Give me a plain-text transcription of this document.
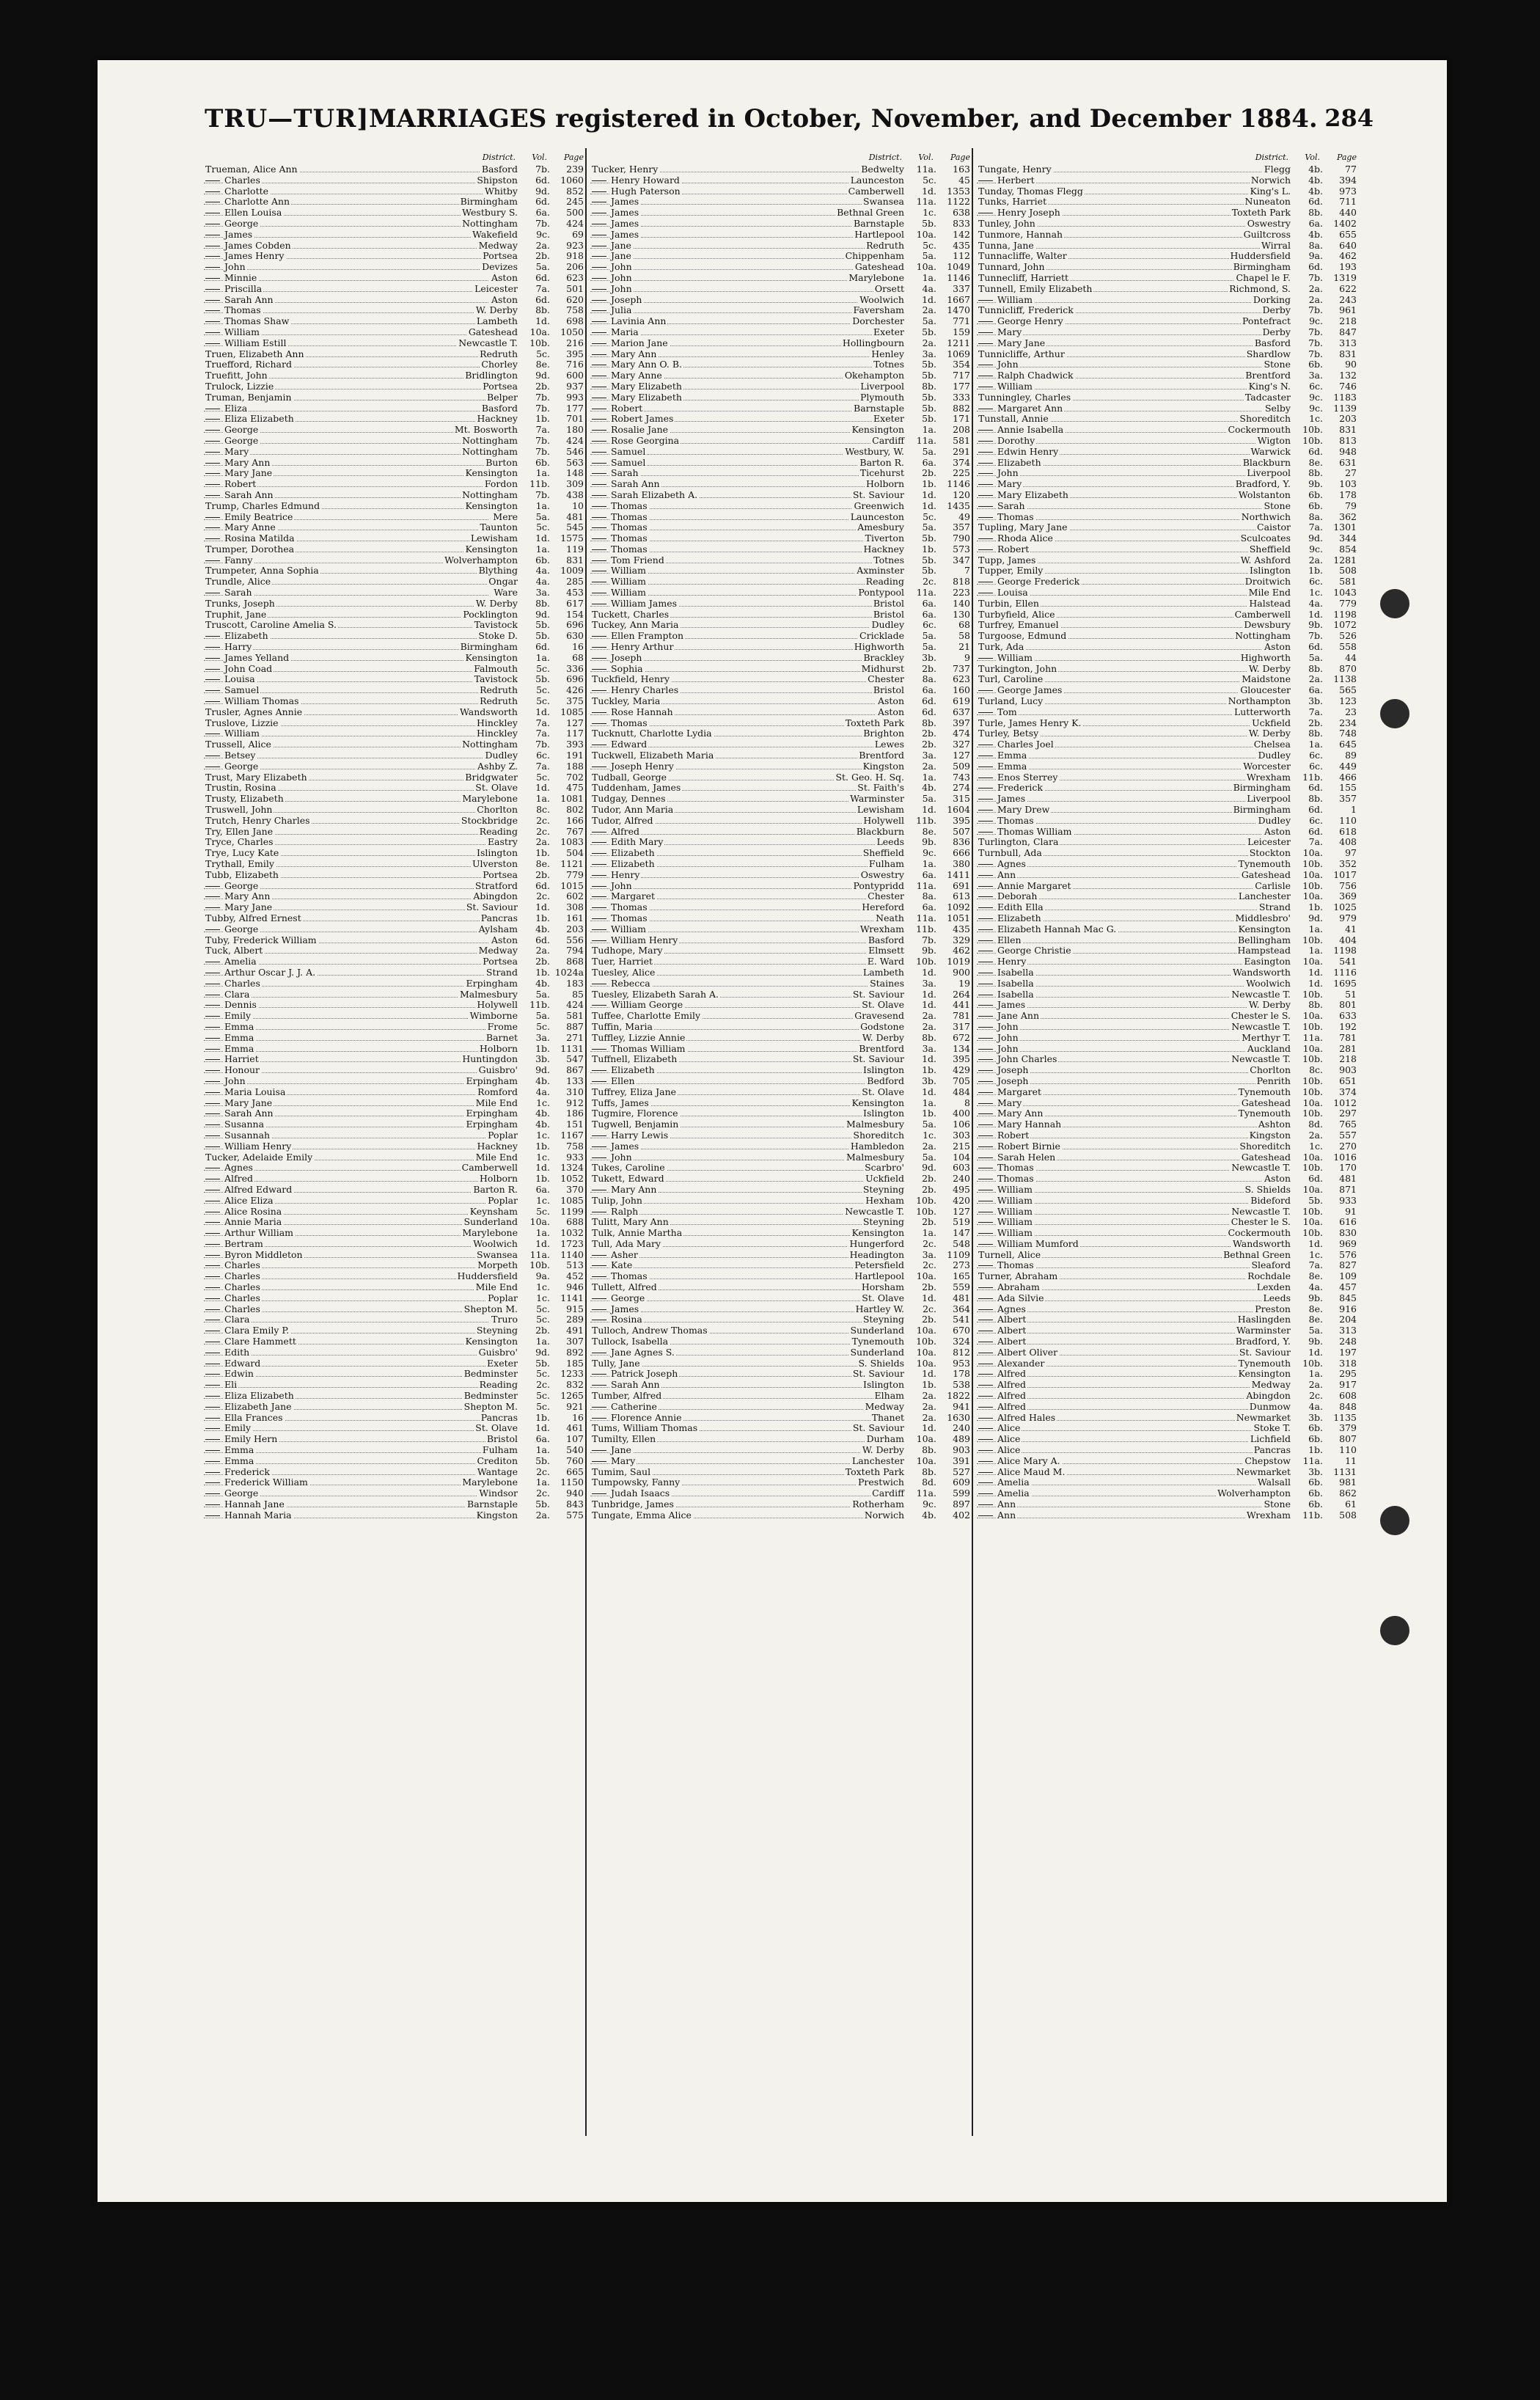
TRU—TUR] MARRIAGES registered in October, November, and December 1884. 284
District. Vol. Page
Trueman, Alice Ann	Basford 7b. 239
Charles	Shipston 6d. 1060
Charlotte	Whitby 9d. 852
Charlotte Ann	Birmingham 6d. 245
Ellen Louisa	Westbury S. 6a. 500
George	Nottingham 7b. 424
James	Wakefield 9c. 69
James Cobden	Medway 2a. 923
James Henry	Portsea 2b. 918
John	Devizes 5a. 206
Minnie	Aston 6d. 623
Priscilla	Leicester 7a. 501
Sarah Ann	Aston 6d. 620
Thomas	W. Derby 8b. 758
Thomas Shaw	Lambeth 1d. 698
William	Gateshead 10a. 1050
William Estill	Newcastle T. 10b. 216
Truen, Elizabeth Ann	Redruth 5c. 395
Truefford, Richard	Chorley 8e. 716
Truefitt, John	Bridlington 9d. 600
Trulock, Lizzie	Portsea 2b. 937
Truman, Benjamin	Belper 7b. 993
Eliza	Basford 7b. 177
Eliza Elizabeth	Hackney 1b. 701
George	Mt. Bosworth 7a. 180
George	Nottingham 7b. 424
Mary	Nottingham 7b. 546
Mary Ann	Burton 6b. 563
Mary Jane	Kensington 1a. 148
Robert	Fordon 11b. 309
Sarah Ann	Nottingham 7b. 438
Trump, Charles Edmund	Kensington 1a. 10
Emily Beatrice	Mere 5a. 481
Mary Anne	Taunton 5c. 545
Rosina Matilda	Lewisham 1d. 1575
Trumper, Dorothea	Kensington 1a. 119
Fanny	Wolverhampton 6b. 831
Trumpeter, Anna Sophia	Blything 4a. 1009
Trundle, Alice	Ongar 4a. 285
Sarah	Ware 3a. 453
Trunks, Joseph	W. Derby 8b. 617
Truphit, Jane	Pocklington 9d. 154
Truscott, Caroline Amelia S.	Tavistock 5b. 696
Elizabeth	Stoke D. 5b. 630
Harry	Birmingham 6d. 16
James Yelland	Kensington 1a. 68
John Coad	Falmouth 5c. 336
Louisa	Tavistock 5b. 696
Samuel	Redruth 5c. 426
William Thomas	Redruth 5c. 375
Trusler, Agnes Annie	Wandsworth 1d. 1085
Truslove, Lizzie	Hinckley 7a. 127
William	Hinckley 7a. 117
Trussell, Alice	Nottingham 7b. 393
Betsey	Dudley 6c. 191
George	Ashby Z. 7a. 188
Trust, Mary Elizabeth	Bridgwater 5c. 702
Trustin, Rosina	St. Olave 1d. 475
Trusty, Elizabeth	Marylebone 1a. 1081
Truswell, John	Chorlton 8c. 802
Trutch, Henry Charles	Stockbridge 2c. 166
Try, Ellen Jane	Reading 2c. 767
Tryce, Charles	Eastry 2a. 1083
Trye, Lucy Kate	Islington 1b. 504
Trythall, Emily	Ulverston 8e. 1121
Tubb, Elizabeth	Portsea 2b. 779
George	Stratford 6d. 1015
Mary Ann	Abingdon 2c. 602
Mary Jane	St. Saviour 1d. 308
Tubby, Alfred Ernest	Pancras 1b. 161
George	Aylsham 4b. 203
Tuby, Frederick William	Aston 6d. 556
Tuck, Albert	Medway 2a. 794
Amelia	Portsea 2b. 868
Arthur Oscar J. J. A.	Strand 1b. 1024a
Charles	Erpingham 4b. 183
Clara	Malmesbury 5a. 85
Dennis	Holywell 11b. 424
Emily	Wimborne 5a. 581
Emma	Frome 5c. 887
Emma	Barnet 3a. 271
Emma	Holborn 1b. 1131
Harriet	Huntingdon 3b. 547
Honour	Guisbro' 9d. 867
John	Erpingham 4b. 133
Maria Louisa	Romford 4a. 310
Mary Jane	Mile End 1c. 912
Sarah Ann	Erpingham 4b. 186
Susanna	Erpingham 4b. 151
Susannah	Poplar 1c. 1167
William Henry	Hackney 1b. 758
Tucker, Adelaide Emily	Mile End 1c. 933
Agnes	Camberwell 1d. 1324
Alfred	Holborn 1b. 1052
Alfred Edward	Barton R. 6a. 370
Alice Eliza	Poplar 1c. 1085
Alice Rosina	Keynsham 5c. 1199
Annie Maria	Sunderland 10a. 688
Arthur William	Marylebone 1a. 1032
Bertram	Woolwich 1d. 1723
Byron Middleton	Swansea 11a. 1140
Charles	Morpeth 10b. 513
Charles	Huddersfield 9a. 452
Charles	Mile End 1c. 946
Charles	Poplar 1c. 1141
Charles	Shepton M. 5c. 915
Clara	Truro 5c. 289
Clara Emily P.	Steyning 2b. 491
Clare Hammett	Kensington 1a. 307
Edith	Guisbro' 9d. 892
Edward	Exeter 5b. 185
Edwin	Bedminster 5c. 1233
Eli	Reading 2c. 832
Eliza Elizabeth	Bedminster 5c. 1265
Elizabeth Jane	Shepton M. 5c. 921
Ella Frances	Pancras 1b. 16
Emily	St. Olave 1d. 461
Emily Hern	Bristol 6a. 107
Emma	Fulham 1a. 540
Emma	Crediton 5b. 760
Frederick	Wantage 2c. 665
Frederick William	Marylebone 1a. 1150
George	Windsor 2c. 940
Hannah Jane	Barnstaple 5b. 843
Hannah Maria	Kingston 2a. 575
District. Vol. Page
Tucker, Henry	Bedwelty 11a. 163
Henry Howard	Launceston 5c. 45
Hugh Paterson	Camberwell 1d. 1353
James	Swansea 11a. 1122
James	Bethnal Green 1c. 638
James	Barnstaple 5b. 833
James	Hartlepool 10a. 142
Jane	Redruth 5c. 435
Jane	Chippenham 5a. 112
John	Gateshead 10a. 1049
John	Marylebone 1a. 1146
John	Orsett 4a. 337
Joseph	Woolwich 1d. 1667
Julia	Faversham 2a. 1470
Lavinia Ann	Dorchester 5a. 771
Maria	Exeter 5b. 159
Marion Jane	Hollingbourn 2a. 1211
Mary Ann	Henley 3a. 1069
Mary Ann O. B.	Totnes 5b. 354
Mary Anne	Okehampton 5b. 717
Mary Elizabeth	Liverpool 8b. 177
Mary Elizabeth	Plymouth 5b. 333
Robert	Barnstaple 5b. 882
Robert James	Exeter 5b. 171
Rosalie Jane	Kensington 1a. 208
Rose Georgina	Cardiff 11a. 581
Samuel	Westbury, W. 5a. 291
Samuel	Barton R. 6a. 374
Sarah	Ticehurst 2b. 225
Sarah Ann	Holborn 1b. 1146
Sarah Elizabeth A.	St. Saviour 1d. 120
Thomas	Greenwich 1d. 1435
Thomas	Launceston 5c. 49
Thomas	Amesbury 5a. 357
Thomas	Tiverton 5b. 790
Thomas	Hackney 1b. 573
Tom Friend	Totnes 5b. 347
William	Axminster 5b.	7
William	Reading 2c. 818
William	Pontypool 11a. 223
William James	Bristol 6a. 140
Tuckett, Charles	Bristol 6a. 130
Tuckey, Ann Maria	Dudley 6c. 68
Ellen Frampton	Cricklade 5a. 58
Henry Arthur	Highworth 5a. 21
Joseph	Brackley 3b.	9
Sophia	Midhurst 2b. 737
Tuckfield, Henry	Chester 8a. 623
Henry Charles	Bristol 6a. 160
Tuckley, Maria	Aston 6d. 619
Rose Hannah	Aston 6d. 637
Thomas	Toxteth Park 8b. 397
Tucknutt, Charlotte Lydia	Brighton 2b. 474
Edward	Lewes 2b. 327
Tuckwell, Elizabeth Maria	Brentford 3a. 127
Joseph Henry	Kingston 2a. 509
Tudball, George	St. Geo. H. Sq. 1a. 743
Tuddenham, James	St. Faith's 4b. 274
Tudgay, Dennes	Warminster 5a. 315
Tudor, Ann Maria	Lewisham 1d. 1604
Tudor, Alfred	Holywell 11b. 395
Alfred	Blackburn 8e. 507
Edith Mary	Leeds 9b. 836
Elizabeth	Sheffield 9c. 666
Elizabeth	Fulham 1a. 380
Henry	Oswestry 6a. 1411
John	Pontypridd 11a. 691
Margaret	Chester 8a. 613
Thomas	Hereford 6a. 1092
Thomas	Neath 11a. 1051
William	Wrexham 11b. 435
William Henry	Basford 7b. 329
Tudhope, Mary	Elmsett 9b. 462
Tuer, Harriet	E. Ward 10b. 1019
Tuesley, Alice	Lambeth 1d. 900
Rebecca	Staines 3a. 19
Tuesley, Elizabeth Sarah A.	St. Saviour 1d. 264
William George	St. Olave 1d. 441
Tuffee, Charlotte Emily	Gravesend 2a. 781
Tuffin, Maria	Godstone 2a. 317
Tuffley, Lizzie Annie	W. Derby 8b. 672
Thomas William	Brentford 3a. 134
Tuffnell, Elizabeth	St. Saviour 1d. 395
Elizabeth	Islington 1b. 429
Ellen	Bedford 3b. 705
Tuffrey, Eliza Jane	St. Olave 1d. 484
Tuffs, James	Kensington 1a.	8
Tugmire, Florence	Islington 1b. 400
Tugwell, Benjamin	Malmesbury 5a. 106
Harry Lewis	Shoreditch 1c. 303
James	Hambledon 2a. 215
John	Malmesbury 5a. 104
Tukes, Caroline	Scarbro' 9d. 603
Tukett, Edward	Uckfield 2b. 240
Mary Ann	Steyning 2b. 495
Tulip, John	Hexham 10b. 420
Ralph	Newcastle T. 10b. 127
Tulitt, Mary Ann	Steyning 2b. 519
Tulk, Annie Martha	Kensington 1a. 147
Tull, Ada Mary	Hungerford 2c. 548
Asher	Headington 3a. 1109
Kate	Petersfield 2c. 273
Thomas	Hartlepool 10a. 165
Tullett, Alfred	Horsham 2b. 559
George	St. Olave 1d. 481
James	Hartley W. 2c. 364
Rosina	Steyning 2b. 541
Tulloch, Andrew Thomas	Sunderland 10a. 670
Tullock, Isabella	Tynemouth 10b. 324
Jane Agnes S.	Sunderland 10a. 812
Tully, Jane	S. Shields 10a. 953
Patrick Joseph	St. Saviour 1d. 178
Sarah Ann	Islington 1b. 538
Tumber, Alfred	Elham 2a. 1822
Catherine	Medway 2a. 941
Florence Annie	Thanet 2a. 1630
Tums, William Thomas	St. Saviour 1d. 240
Tumilty, Ellen	Durham 10a. 489
Jane	W. Derby 8b. 903
Mary	Lanchester 10a. 391
Tumim, Saul	Toxteth Park 8b. 527
Tumpowsky, Fanny	Prestwich 8d. 609
Judah Isaacs	Cardiff 11a. 599
Tunbridge, James	Rotherham 9c. 897
Tungate, Emma Alice	Norwich 4b. 402
District. Vol. Page
Tungate, Henry	Flegg 4b. 77
Herbert	Norwich 4b. 394
Tunday, Thomas Flegg	King's L. 4b. 973
Tunks, Harriet	Nuneaton 6d. 711
Henry Joseph	Toxteth Park 8b. 440
Tunley, John	Oswestry 6a. 1402
Tunmore, Hannah	Guiltcross 4b. 655
Tunna, Jane	Wirral 8a. 640
Tunnacliffe, Walter	Huddersfield 9a. 462
Tunnard, John	Birmingham 6d. 193
Tunnecliff, Harriett	Chapel le F. 7b. 1319
Tunnell, Emily Elizabeth	Richmond, S. 2a. 622
William	Dorking 2a. 243
Tunnicliff, Frederick	Derby 7b. 961
George Henry	Pontefract 9c. 218
Mary	Derby 7b. 847
Mary Jane	Basford 7b. 313
Tunnicliffe, Arthur	Shardlow 7b. 831
John	Stone 6b. 90
Ralph Chadwick	Brentford 3a. 132
William	King's N. 6c. 746
Tunningley, Charles	Tadcaster 9c. 1183
Margaret Ann	Selby 9c. 1139
Tunstall, Annie	Shoreditch 1c. 203
Annie Isabella	Cockermouth 10b. 831
Dorothy	Wigton 10b. 813
Edwin Henry	Warwick 6d. 948
Elizabeth	Blackburn 8e. 631
John	Liverpool 8b. 27
Mary	Bradford, Y. 9b. 103
Mary Elizabeth	Wolstanton 6b. 178
Sarah	Stone 6b. 79
Thomas	Northwich 8a. 362
Tupling, Mary Jane	Caistor 7a. 1301
Rhoda Alice	Sculcoates 9d. 344
Robert	Sheffield 9c. 854
Tupp, James	W. Ashford 2a. 1281
Tupper, Emily	Islington 1b. 508
George Frederick	Droitwich 6c. 581
Louisa	Mile End 1c. 1043
Turbin, Ellen	Halstead 4a. 779
Turbyfield, Alice	Camberwell 1d. 1198
Turfrey, Emanuel	Dewsbury 9b. 1072
Turgoose, Edmund	Nottingham 7b. 526
Turk, Ada	Aston 6d. 558
William	Highworth 5a. 44
Turkington, John	W. Derby 8b. 870
Turl, Caroline	Maidstone 2a. 1138
George James	Gloucester 6a. 565
Turland, Lucy	Northampton 3b. 123
Tom	Lutterworth 7a. 23
Turle, James Henry K.	Uckfield 2b. 234
Turley, Betsy	W. Derby 8b. 748
Charles Joel	Chelsea 1a. 645
Emma	Dudley 6c. 89
Emma	Worcester 6c. 449
Enos Sterrey	Wrexham 11b. 466
Frederick	Birmingham 6d. 155
James	Liverpool 8b. 357
Mary Drew	Birmingham 6d.	1
Thomas	Dudley 6c. 110
Thomas William	Aston 6d. 618
Turlington, Clara	Leicester 7a. 408
Turnbull, Ada	Stockton 10a. 97
Agnes	Tynemouth 10b. 352
Ann	Gateshead 10a. 1017
Annie Margaret	Carlisle 10b. 756
Deborah	Lanchester 10a. 369
Edith Ella	Strand 1b. 1025
Elizabeth	Middlesbro' 9d. 979
Elizabeth Hannah Mac G.	Kensington 1a. 41
Ellen	Bellingham 10b. 404
George Christie	Hampstead 1a. 1198
Henry	Easington 10a. 541
Isabella	Wandsworth 1d. 1116
Isabella	Woolwich 1d. 1695
Isabella	Newcastle T. 10b. 51
James	W. Derby 8b. 801
Jane Ann	Chester le S. 10a. 633
John	Newcastle T. 10b. 192
John	Merthyr T. 11a. 781
John	Auckland 10a. 281
John Charles	Newcastle T. 10b. 218
Joseph	Chorlton 8c. 903
Joseph	Penrith 10b. 651
Margaret	Tynemouth 10b. 374
Mary	Gateshead 10a. 1012
Mary Ann	Tynemouth 10b. 297
Mary Hannah	Ashton 8d. 765
Robert	Kingston 2a. 557
Robert Birnie	Shoreditch 1c. 270
Sarah Helen	Gateshead 10a. 1016
Thomas	Newcastle T. 10b. 170
Thomas	Aston 6d. 481
William	S. Shields 10a. 871
William	Bideford 5b. 933
William	Newcastle T. 10b. 91
William	Chester le S. 10a. 616
William	Cockermouth 10b. 830
William Mumford	Wandsworth 1d. 969
Turnell, Alice	Bethnal Green 1c. 576
Thomas	Sleaford 7a. 827
Turner, Abraham	Rochdale 8e. 109
Abraham	Lexden 4a. 457
Ada Silvie	Leeds 9b. 845
Agnes	Preston 8e. 916
Albert	Haslingden 8e. 204
Albert	Warminster 5a. 313
Albert	Bradford, Y. 9b. 248
Albert Oliver	St. Saviour 1d. 197
Alexander	Tynemouth 10b. 318
Alfred	Kensington 1a. 295
Alfred	Medway 2a. 917
Alfred	Abingdon 2c. 608
Alfred	Dunmow 4a. 848
Alfred Hales	Newmarket 3b. 1135
Alice	Stoke T. 6b. 379
Alice	Lichfield 6b. 807
Alice	Pancras 1b. 110
Alice Mary A.	Chepstow 11a. 11
Alice Maud M.	Newmarket 3b. 1131
Amelia	Walsall 6b. 981
Amelia	Wolverhampton 6b. 862
Ann	Stone 6b. 61
Ann	Wrexham 11b. 508
